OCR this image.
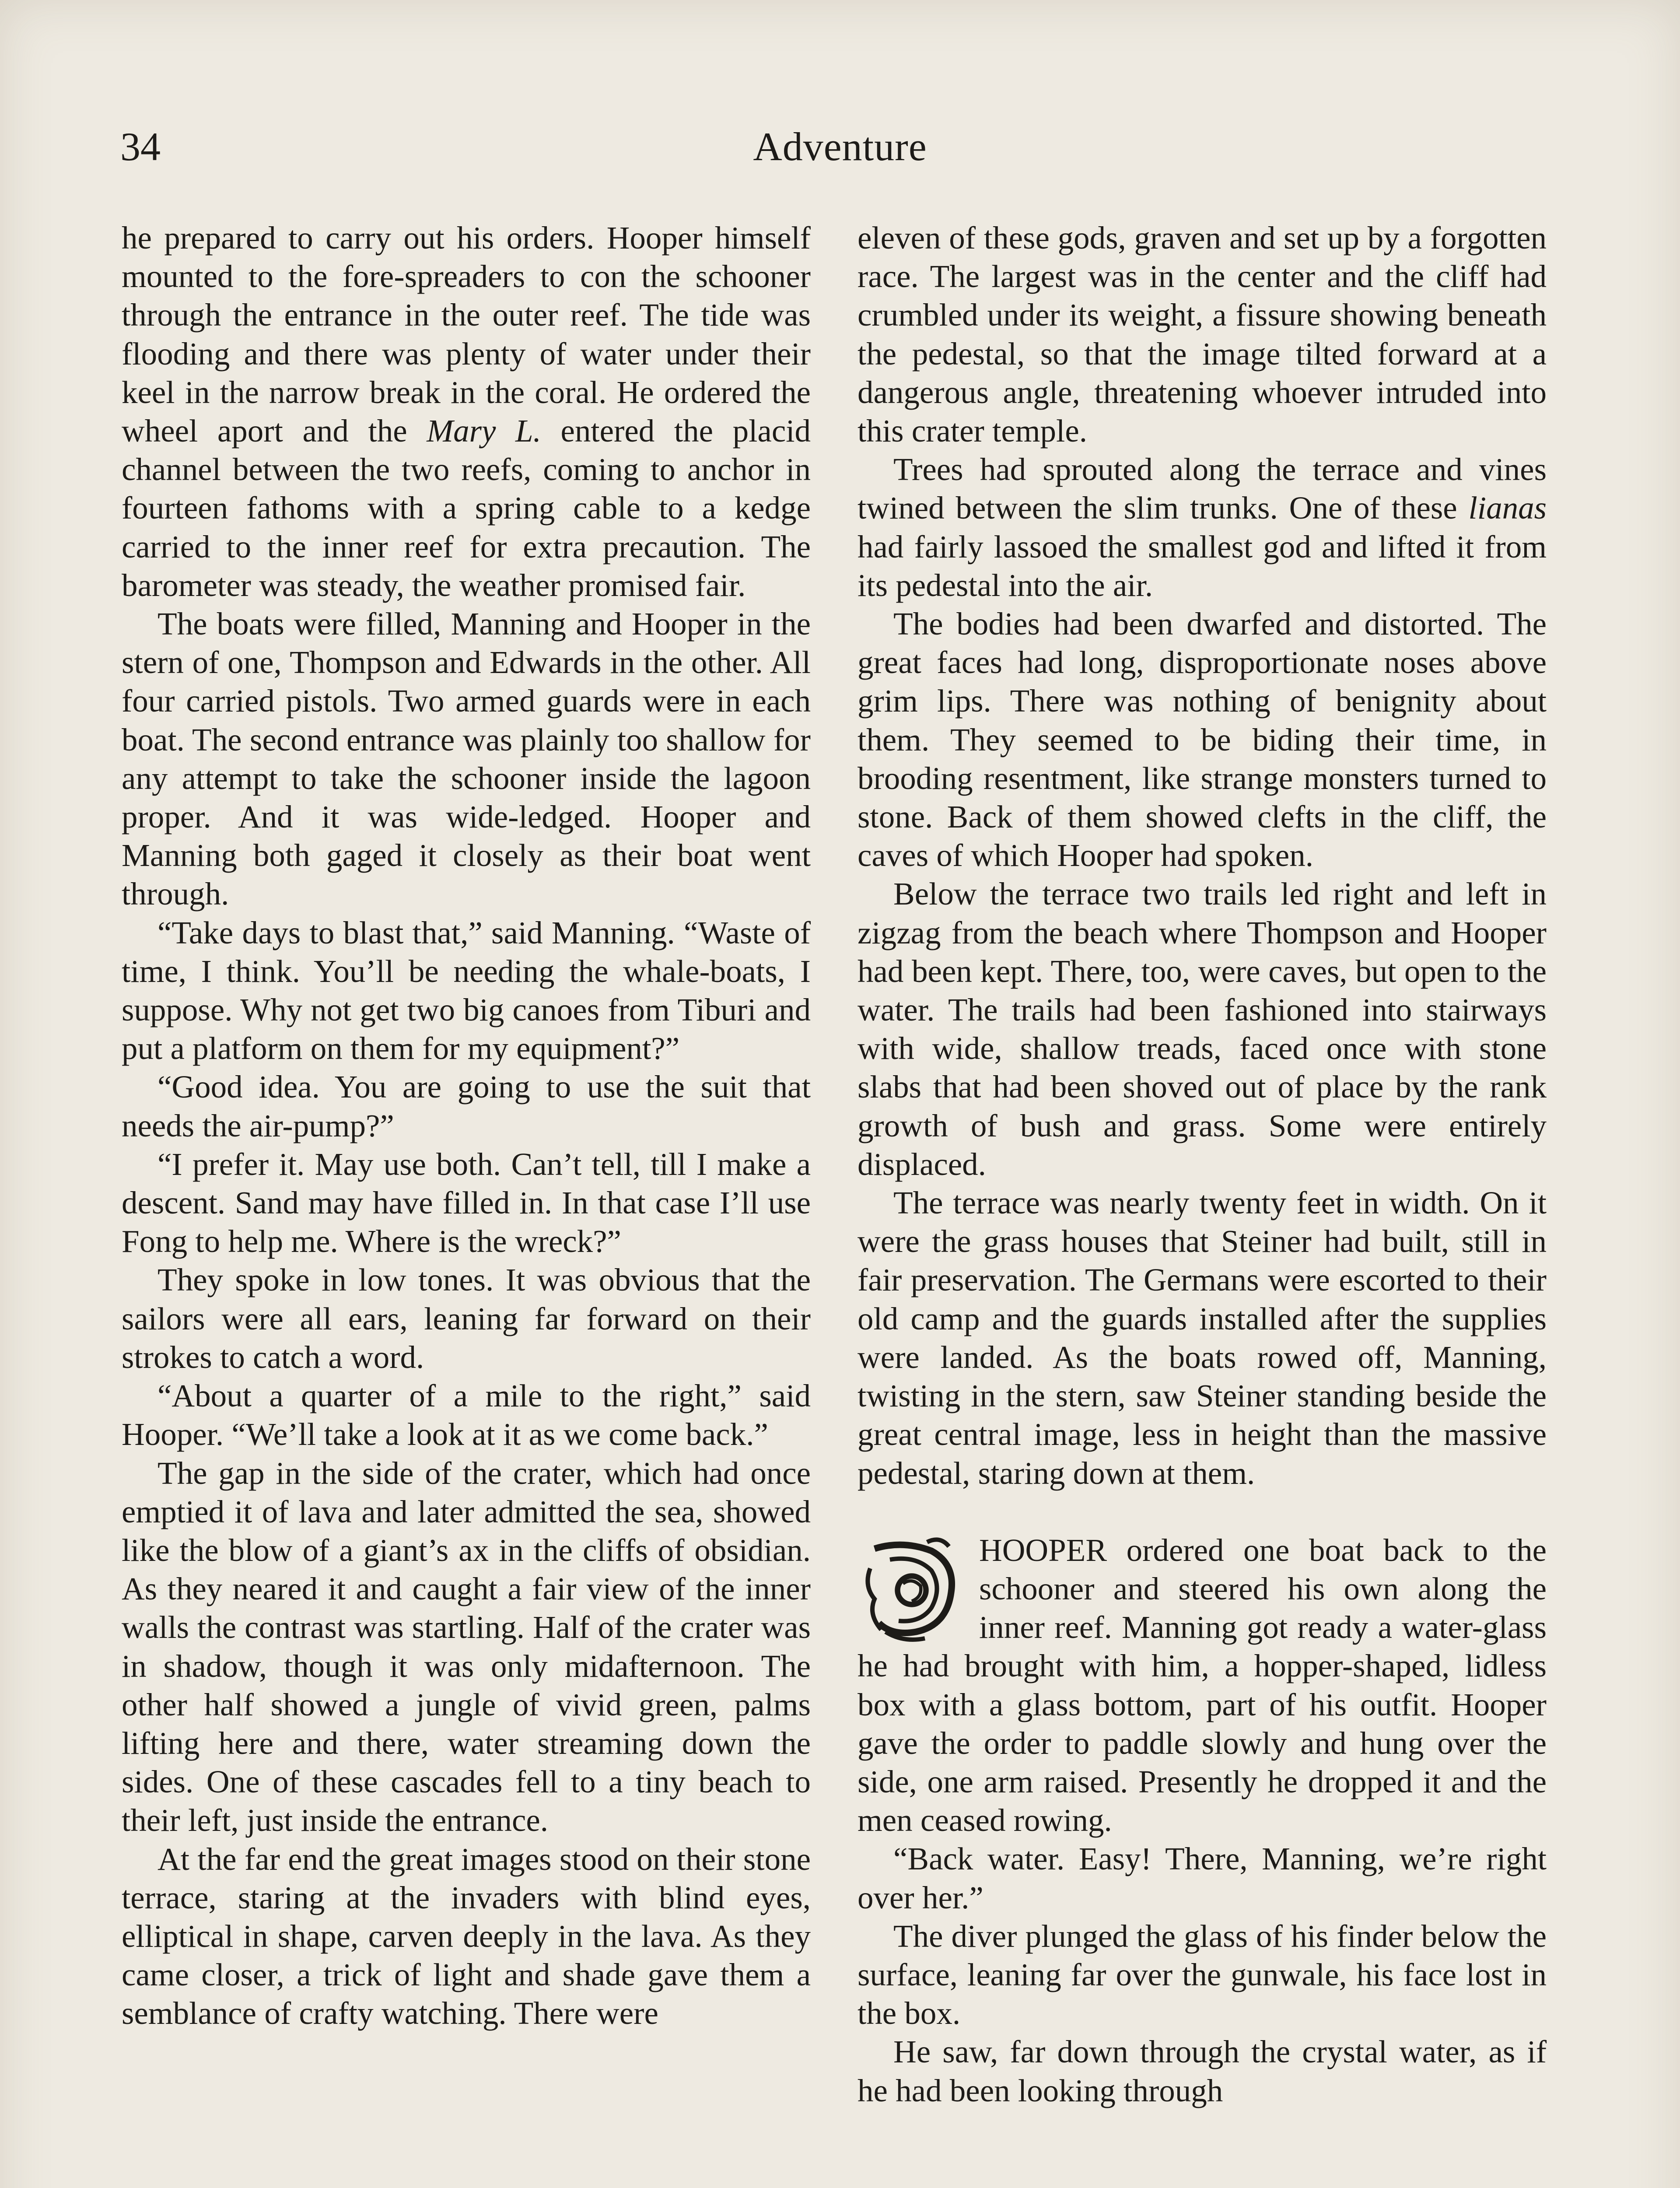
34	Adventure

he prepared to carry out his orders. Hooper himself mounted to the fore-spreaders to con the schooner through the entrance in the outer reef. The tide was flooding and there was plenty of water under their keel in the narrow break in the coral. He ordered the wheel aport and the Mary L. entered the placid channel between the two reefs, coming to anchor in fourteen fathoms with a spring cable to a kedge carried to the inner reef for extra precaution. The barometer was steady, the weather promised fair.

The boats were filled, Manning and Hooper in the stern of one, Thompson and Edwards in the other. All four carried pistols. Two armed guards were in each boat. The second entrance was plainly too shallow for any attempt to take the schooner inside the lagoon proper. And it was wide-ledged. Hooper and Manning both gaged it closely as their boat went through.

“Take days to blast that,” said Manning. “Waste of time, I think. You’ll be needing the whale-boats, I suppose. Why not get two big canoes from Tiburi and put a platform on them for my equipment?”

“Good idea. You are going to use the suit that needs the air-pump?”

“I prefer it. May use both. Can’t tell, till I make a descent. Sand may have filled in. In that case I’ll use Fong to help me. Where is the wreck?”

They spoke in low tones. It was obvious that the sailors were all ears, leaning far forward on their strokes to catch a word.

“About a quarter of a mile to the right,” said Hooper. “We’ll take a look at it as we come back.”

The gap in the side of the crater, which had once emptied it of lava and later admitted the sea, showed like the blow of a giant’s ax in the cliffs of obsidian. As they neared it and caught a fair view of the inner walls the contrast was startling. Half of the crater was in shadow, though it was only midafternoon. The other half showed a jungle of vivid green, palms lifting here and there, water streaming down the sides. One of these cascades fell to a tiny beach to their left, just inside the entrance.

At the far end the great images stood on their stone terrace, staring at the invaders with blind eyes, elliptical in shape, carven deeply in the lava. As they came closer, a trick of light and shade gave them a semblance of crafty watching. There were

eleven of these gods, graven and set up by a forgotten race. The largest was in the center and the cliff had crumbled under its weight, a fissure showing beneath the pedestal, so that the image tilted forward at a dangerous angle, threatening whoever intruded into this crater temple.

Trees had sprouted along the terrace and vines twined between the slim trunks. One of these lianas had fairly lassoed the smallest god and lifted it from its pedestal into the air.

The bodies had been dwarfed and distorted. The great faces had long, disproportionate noses above grim lips. There was nothing of benignity about them. They seemed to be biding their time, in brooding resentment, like strange monsters turned to stone. Back of them showed clefts in the cliff, the caves of which Hooper had spoken.

Below the terrace two trails led right and left in zigzag from the beach where Thompson and Hooper had been kept. There, too, were caves, but open to the water. The trails had been fashioned into stairways with wide, shallow treads, faced once with stone slabs that had been shoved out of place by the rank growth of bush and grass. Some were entirely displaced.

The terrace was nearly twenty feet in width. On it were the grass houses that Steiner had built, still in fair preservation. The Germans were escorted to their old camp and the guards installed after the supplies were landed. As the boats rowed off, Manning, twisting in the stern, saw Steiner standing beside the great central image, less in height than the massive pedestal, staring down at them.

HOOPER ordered one boat back to the schooner and steered his own along the inner reef. Manning got ready a water-glass he had brought with him, a hopper-shaped, lidless box with a glass bottom, part of his outfit. Hooper gave the order to paddle slowly and hung over the side, one arm raised. Presently he dropped it and the men ceased rowing.

“Back water. Easy! There, Manning, we’re right over her.”

The diver plunged the glass of his finder below the surface, leaning far over the gunwale, his face lost in the box.

He saw, far down through the crystal water, as if he had been looking through
